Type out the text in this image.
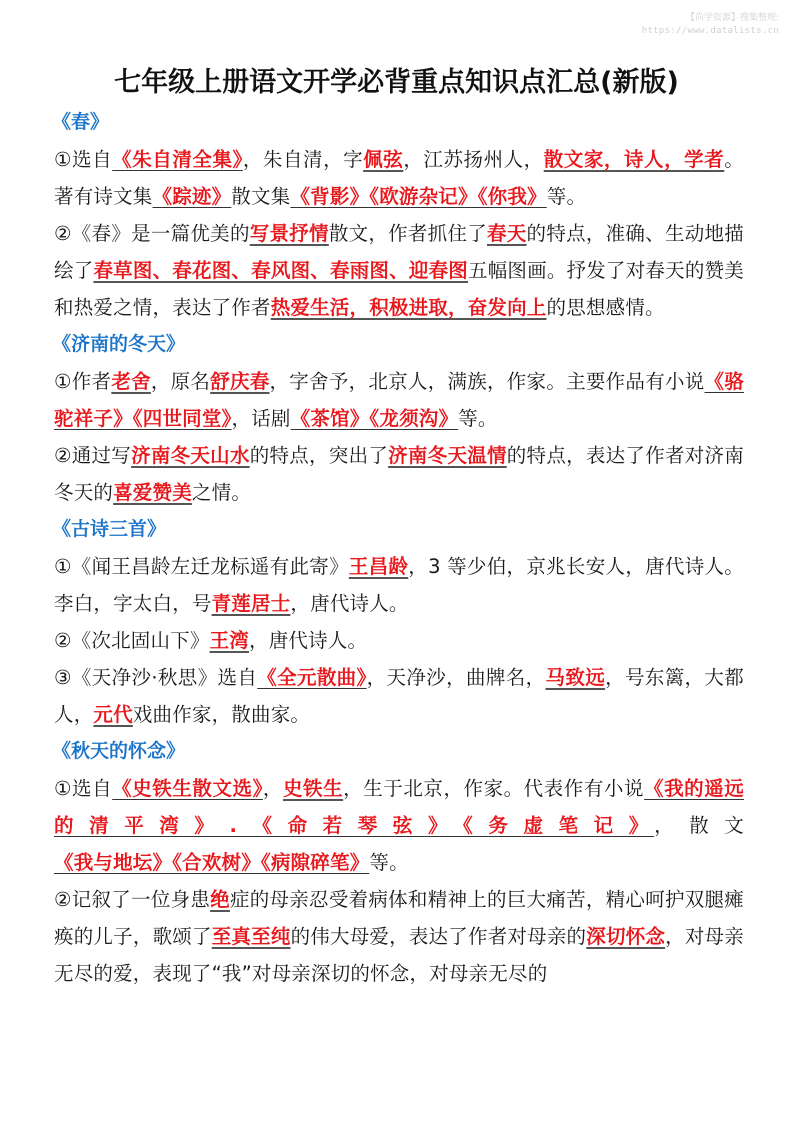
【尚学资源】搜集整理:
https://www.datalists.cn
七年级上册语文开学必背重点知识点汇总(新版)
《春》
①选自《朱自清全集》，朱自清，字佩弦，江苏扬州人，散文家，诗人，学者。著有诗文集《踪迹》散文集《背影》《欧游杂记》《你我》等。
②《春》是一篇优美的写景抒情散文，作者抓住了春天的特点，准确、生动地描绘了春草图、春花图、春风图、春雨图、迎春图五幅图画。抒发了对春天的赞美和热爱之情，表达了作者热爱生活，积极进取，奋发向上的思想感情。
《济南的冬天》
①作者老舍，原名舒庆春，字舍予，北京人，满族，作家。主要作品有小说《骆驼祥子》《四世同堂》，话剧《茶馆》《龙须沟》等。
②通过写济南冬天山水的特点，突出了济南冬天温情的特点，表达了作者对济南冬天的喜爱赞美之情。
《古诗三首》
①《闻王昌龄左迁龙标遥有此寄》王昌龄，3 等少伯，京兆长安人，唐代诗人。李白，字太白，号青莲居士，唐代诗人。
②《次北固山下》王湾，唐代诗人。
③《天净沙·秋思》选自《全元散曲》，天净沙，曲牌名，马致远，号东篱，大都人，元代戏曲作家，散曲家。
《秋天的怀念》
①选自《史铁生散文选》，史铁生，生于北京，作家。代表作有小说《我的遥远的清平湾》.《命若琴弦》《务虚笔记》，散文《我与地坛》《合欢树》《病隙碎笔》等。
②记叙了一位身患绝症的母亲忍受着病体和精神上的巨大痛苦，精心呵护双腿瘫痪的儿子，歌颂了至真至纯的伟大母爱，表达了作者对母亲的深切怀念，对母亲无尽的爱，表现了“我”对母亲深切的怀念，对母亲无尽的
